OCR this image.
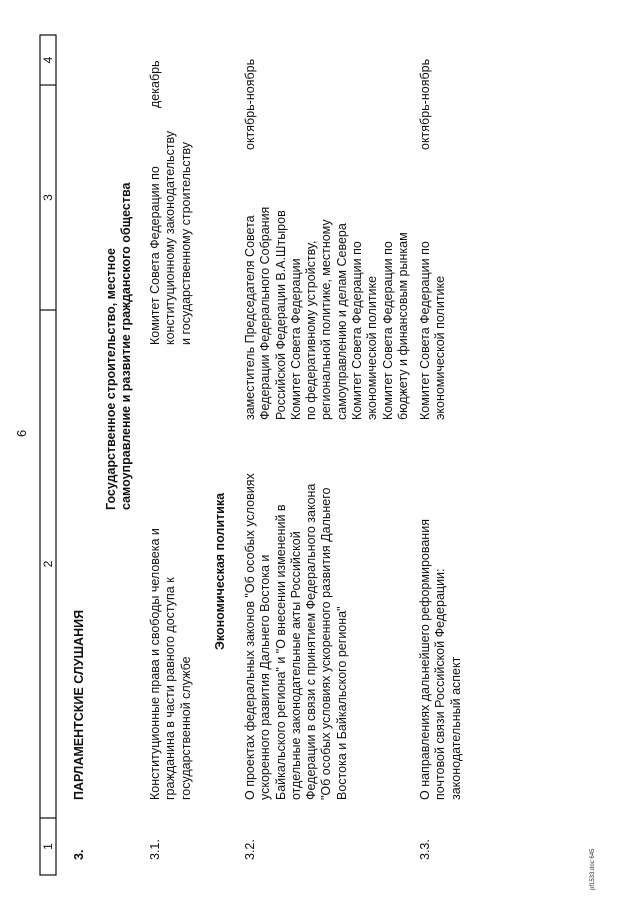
6
1
2
3
4
3.
ПАРЛАМЕНТСКИЕ СЛУШАНИЯ
Государственное строительство, местное
самоуправление и развитие гражданского общества
3.1.
Конституционные права и свободы человека и
гражданина в части равного доступа к
государственной службе
Комитет Совета Федерации по
конституционному законодательству
и государственному строительству
декабрь
Экономическая политика
3.2.
О проектах федеральных законов "Об особых условиях
ускоренного развития Дальнего Востока и
Байкальского региона" и "О внесении изменений в
отдельные законодательные акты Российской
Федерации в связи с принятием Федерального закона
"Об особых условиях ускоренного развития Дальнего
Востока и Байкальского региона"
заместитель Председателя Совета
Федерации Федерального Собрания
Российской Федерации В.А.Штыров
Комитет Совета Федерации
по федеративному устройству,
региональной политике, местному
самоуправлению и делам Севера
Комитет Совета Федерации по
экономической политике
Комитет Совета Федерации по
бюджету и финансовым рынкам
октябрь-ноябрь
3.3.
О направлениях дальнейшего реформирования
почтовой связи Российской Федерации:
законодательный аспект
Комитет Совета Федерации по
экономической политике
октябрь-ноябрь
pf1533.doc 645
